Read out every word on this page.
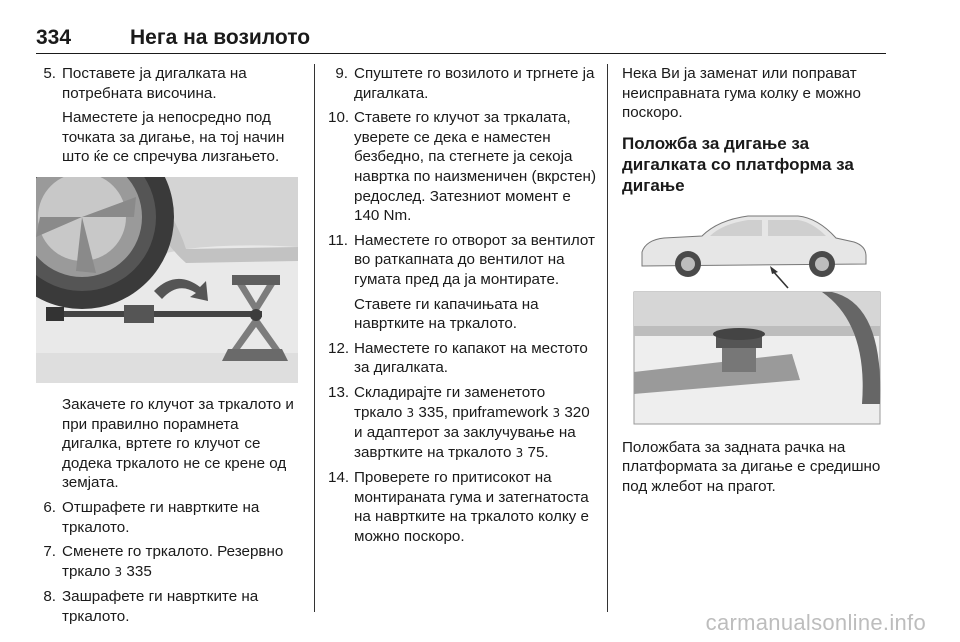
334	Нега на возилото
5. Поставете ја дигалката на потребната височина.
Наместете ја непосредно под точката за дигање, на тој начин што ќе се спречува лизгањето.
Закачете го клучот за тркалото и при правилно порамнета дигалка, вртете го клучот се додека тркалото не се крене од земјата.
6. Отшрафете ги навртките на тркалото.
7. Сменете го тркалото. Резервно тркало 3 335
8. Зашрафете ги навртките на тркалото.
9. Спуштете го возилото и тргнете ја дигалката.
10. Ставете го клучот за тркалата, уверете се дека е наместен безбедно, па стегнете ја секоја навртка по наизменичен (вкрстен) редослед. Затезниот момент е 140 Nm.
11. Наместете го отворот за вентилот во раткапната до вентилот на гумата пред да ја монтирате.
Ставете ги капачињата на навртките на тркалото.
12. Наместете го капакот на местото за дигалката.
13. Складирајте ги заменетото тркало 3 335, приframework 3 320 и адаптерот за заклучување на завртките на тркалото 3 75.
14. Проверете го притисокот на монтираната гума и затегнатоста на навртките на тркалото колку е можно поскоро.
Нека Ви ја заменат или поправат неисправната гума колку е можно поскоро.
Положба за дигање за дигалката со платформа за дигање
Положбата за задната рачка на платформата за дигање е средишно под жлебот на прагот.
carmanualsonline.info
